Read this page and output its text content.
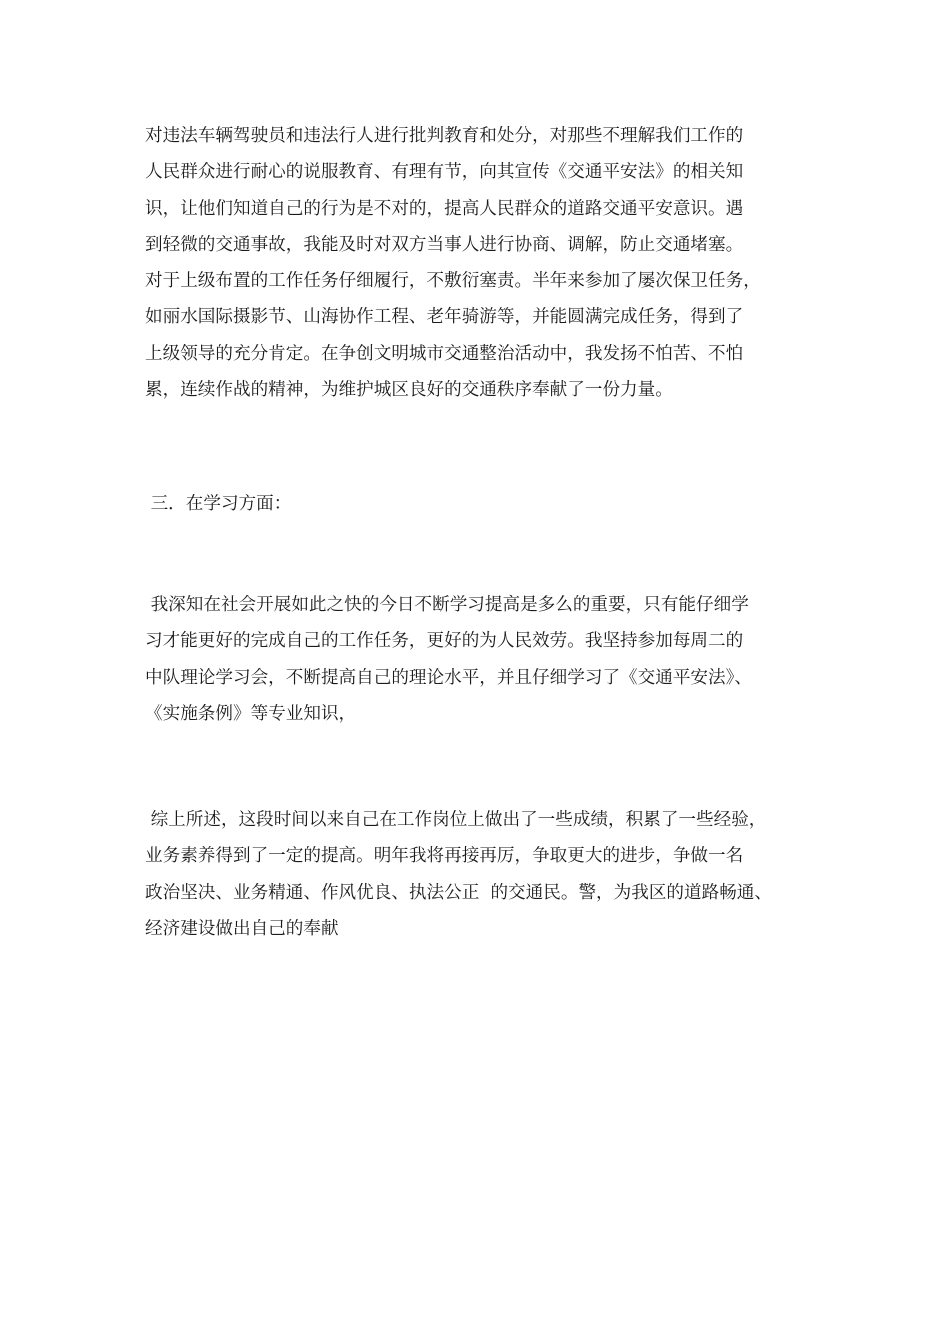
对违法车辆驾驶员和违法行人进行批判教育和处分，对那些不理解我们工作的
人民群众进行耐心的说服教育、有理有节，向其宣传《交通平安法》的相关知
识，让他们知道自己的行为是不对的，提高人民群众的道路交通平安意识。遇
到轻微的交通事故，我能及时对双方当事人进行协商、调解，防止交通堵塞。
对于上级布置的工作任务仔细履行，不敷衍塞责。半年来参加了屡次保卫任务，
如丽水国际摄影节、山海协作工程、老年骑游等，并能圆满完成任务，得到了
上级领导的充分肯定。在争创文明城市交通整治活动中，我发扬不怕苦、不怕
累，连续作战的精神，为维护城区良好的交通秩序奉献了一份力量。
三．在学习方面：
我深知在社会开展如此之快的今日不断学习提高是多么的重要，只有能仔细学
习才能更好的完成自己的工作任务，更好的为人民效劳。我坚持参加每周二的
中队理论学习会，不断提高自己的理论水平，并且仔细学习了《交通平安法》、
《实施条例》等专业知识，
综上所述，这段时间以来自己在工作岗位上做出了一些成绩，积累了一些经验，
业务素养得到了一定的提高。明年我将再接再厉，争取更大的进步，争做一名
政治坚决、业务精通、作风优良、执法公正  的交通民。警，为我区的道路畅通、
经济建设做出自己的奉献
